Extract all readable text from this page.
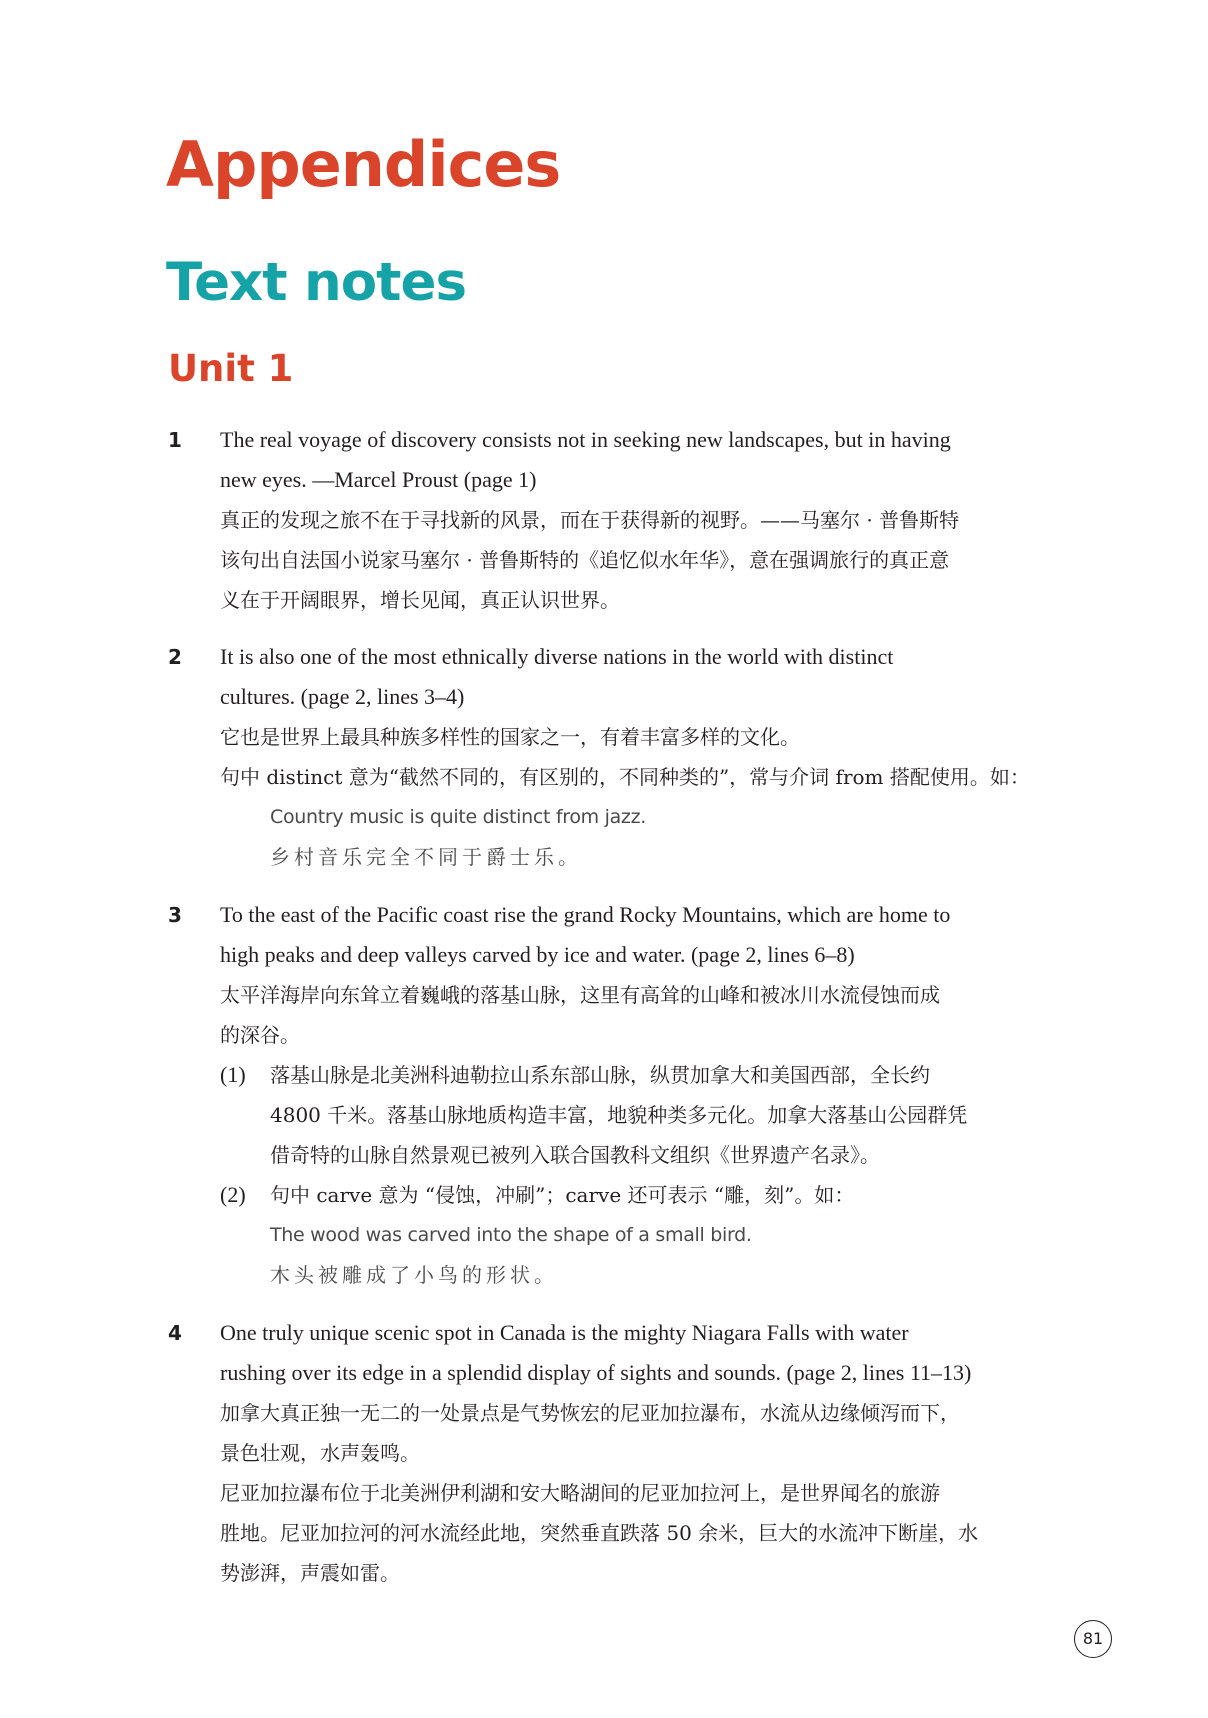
Appendices
Text notes
Unit 1
1 The real voyage of discovery consists not in seeking new landscapes, but in having
new eyes. —Marcel Proust (page 1)
真正的发现之旅不在于寻找新的风景，而在于获得新的视野。——马塞尔 · 普鲁斯特
该句出自法国小说家马塞尔 · 普鲁斯特的《追忆似水年华》，意在强调旅行的真正意
义在于开阔眼界，增长见闻，真正认识世界。
2 It is also one of the most ethnically diverse nations in the world with distinct
cultures. (page 2, lines 3–4)
它也是世界上最具种族多样性的国家之一，有着丰富多样的文化。
句中 distinct 意为“截然不同的，有区别的，不同种类的”，常与介词 from 搭配使用。如：
Country music is quite distinct from jazz.
乡村音乐完全不同于爵士乐。
3 To the east of the Pacific coast rise the grand Rocky Mountains, which are home to
high peaks and deep valleys carved by ice and water. (page 2, lines 6–8)
太平洋海岸向东耸立着巍峨的落基山脉，这里有高耸的山峰和被冰川水流侵蚀而成
的深谷。
(1) 落基山脉是北美洲科迪勒拉山系东部山脉，纵贯加拿大和美国西部，全长约
4800 千米。落基山脉地质构造丰富，地貌种类多元化。加拿大落基山公园群凭
借奇特的山脉自然景观已被列入联合国教科文组织《世界遗产名录》。
(2) 句中 carve 意为 “侵蚀，冲刷”；carve 还可表示 “雕，刻”。如：
The wood was carved into the shape of a small bird.
木头被雕成了小鸟的形状。
4 One truly unique scenic spot in Canada is the mighty Niagara Falls with water
rushing over its edge in a splendid display of sights and sounds. (page 2, lines 11–13)
加拿大真正独一无二的一处景点是气势恢宏的尼亚加拉瀑布，水流从边缘倾泻而下，
景色壮观，水声轰鸣。
尼亚加拉瀑布位于北美洲伊利湖和安大略湖间的尼亚加拉河上，是世界闻名的旅游
胜地。尼亚加拉河的河水流经此地，突然垂直跌落 50 余米，巨大的水流冲下断崖，水
势澎湃，声震如雷。
81
